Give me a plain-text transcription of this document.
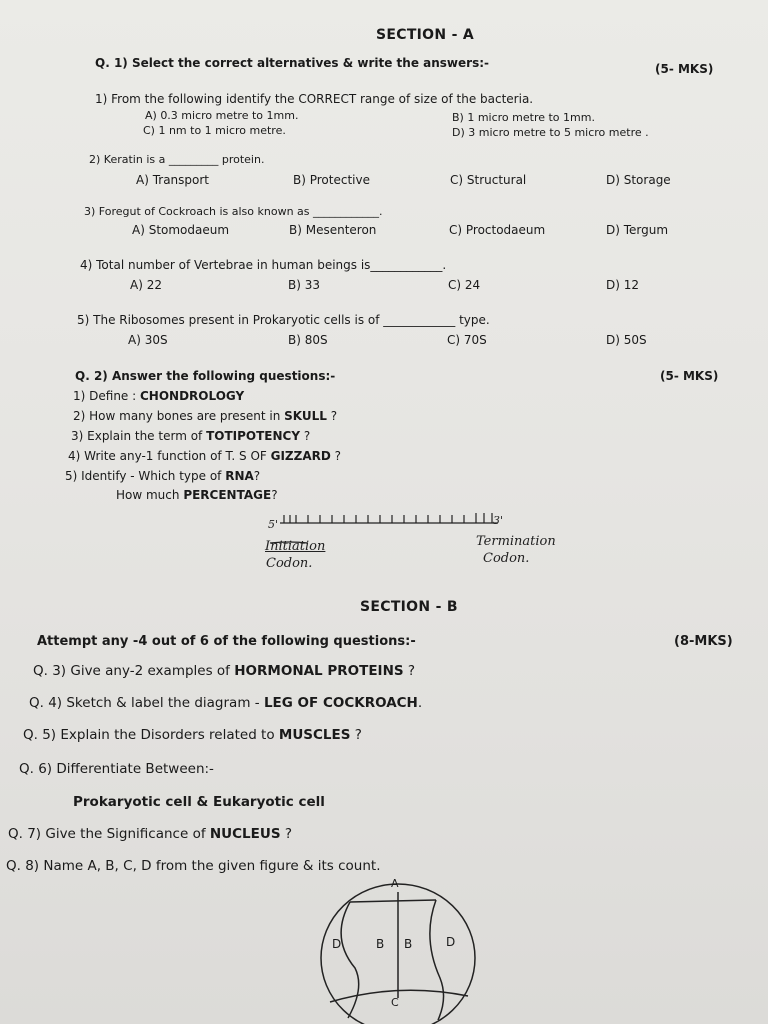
SECTION - A
Q. 1) Select the correct alternatives & write the answers:-	(5- MKS)
1) From the following identify the CORRECT range of size of the bacteria.
A) 0.3 micro metre to 1mm.	B) 1 micro metre to 1mm.
C) 1 nm to 1 micro metre.	D) 3 micro metre to 5 micro metre .
2) Keratin is a _________ protein.
A) Transport	B) Protective	C) Structural	D) Storage
3) Foregut of Cockroach is also known as ____________.
A) Stomodaeum	B) Mesenteron	C) Proctodaeum	D) Tergum
4) Total number of Vertebrae in human beings is____________.
A) 22	B) 33	C) 24	D) 12
5) The Ribosomes present in Prokaryotic cells is of ____________ type.
A) 30S	B) 80S	C) 70S	D) 50S
Q. 2) Answer the following questions:-	(5- MKS)
1) Define : CHONDROLOGY
2) How many bones are present in SKULL ?
3) Explain the term of TOTIPOTENCY ?
4) Write any-1 function of T. S OF GIZZARD ?
5) Identify - Which type of RNA?
How much PERCENTAGE?
5'	3'
Initiation
Codon.
Termination
Codon.
SECTION - B
Attempt any -4 out of 6 of the following questions:-	(8-MKS)
Q. 3) Give any-2 examples of HORMONAL PROTEINS ?
Q. 4) Sketch & label the diagram - LEG OF COCKROACH.
Q. 5) Explain the Disorders related to MUSCLES ?
Q. 6) Differentiate Between:-
Prokaryotic cell & Eukaryotic cell
Q. 7) Give the Significance of NUCLEUS ?
Q. 8) Name A, B, C, D from the given figure & its count.
A
D	B B	D
C
